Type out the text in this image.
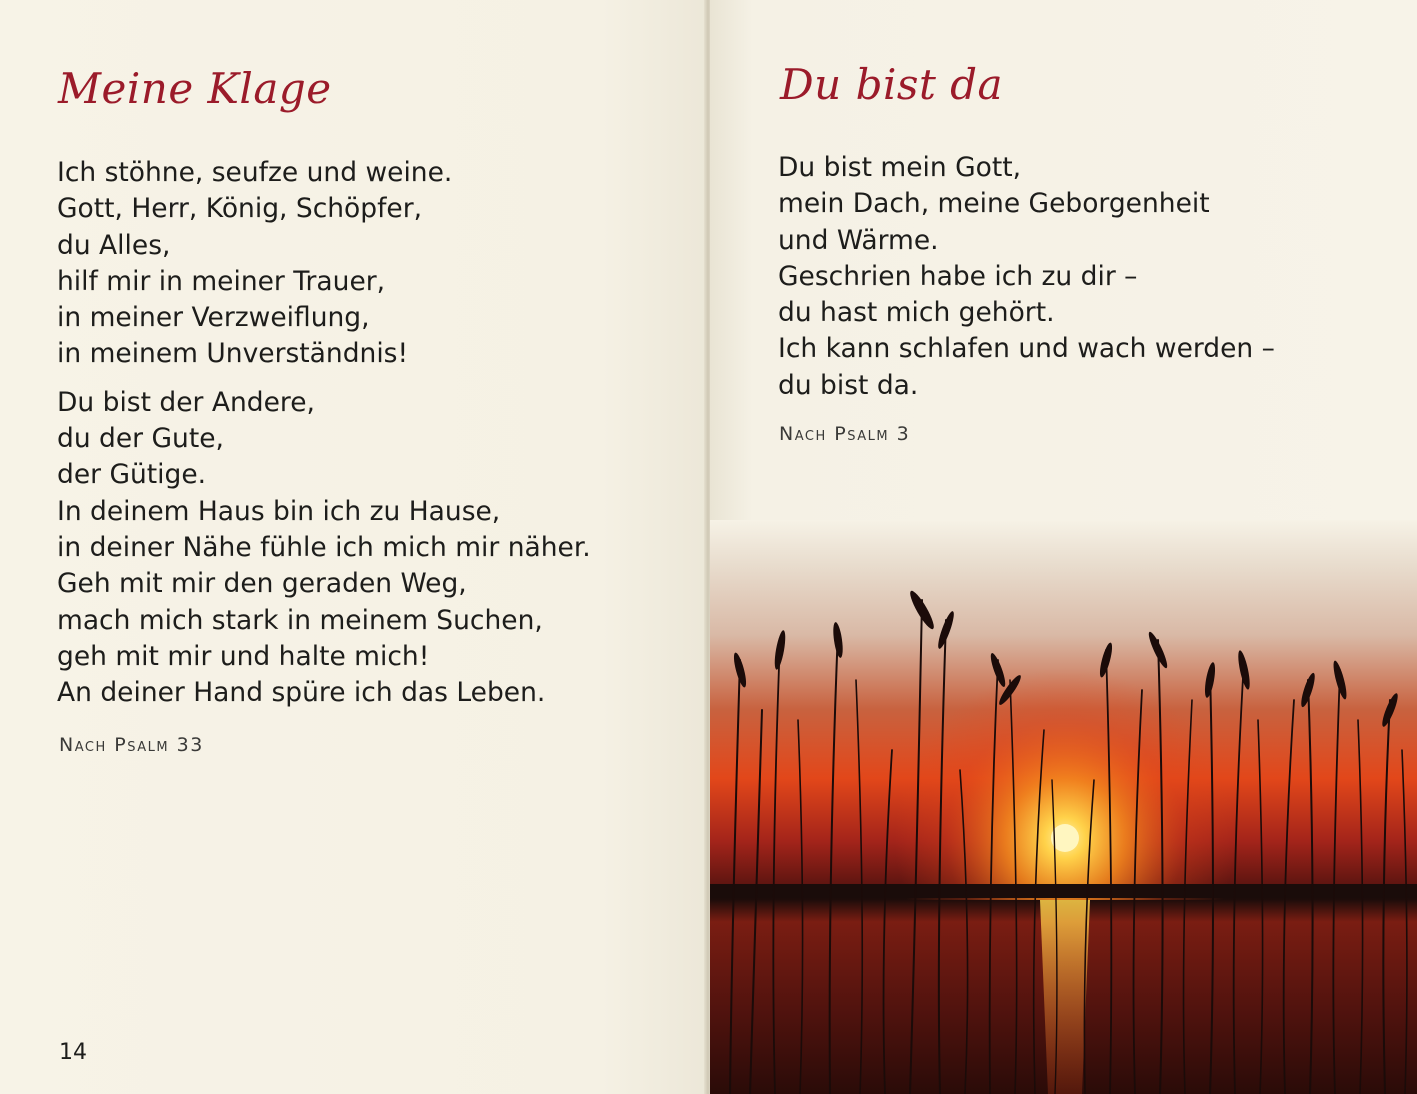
Meine Klage
Ich stöhne, seufze und weine.
Gott, Herr, König, Schöpfer,
du Alles,
hilf mir in meiner Trauer,
in meiner Verzweiflung,
in meinem Unverständnis!
Du bist der Andere,
du der Gute,
der Gütige.
In deinem Haus bin ich zu Hause,
in deiner Nähe fühle ich mich mir näher.
Geh mit mir den geraden Weg,
mach mich stark in meinem Suchen,
geh mit mir und halte mich!
An deiner Hand spüre ich das Leben.
Nach Psalm 33
14
Du bist da
Du bist mein Gott,
mein Dach, meine Geborgenheit
und Wärme.
Geschrien habe ich zu dir –
du hast mich gehört.
Ich kann schlafen und wach werden –
du bist da.
Nach Psalm 3
